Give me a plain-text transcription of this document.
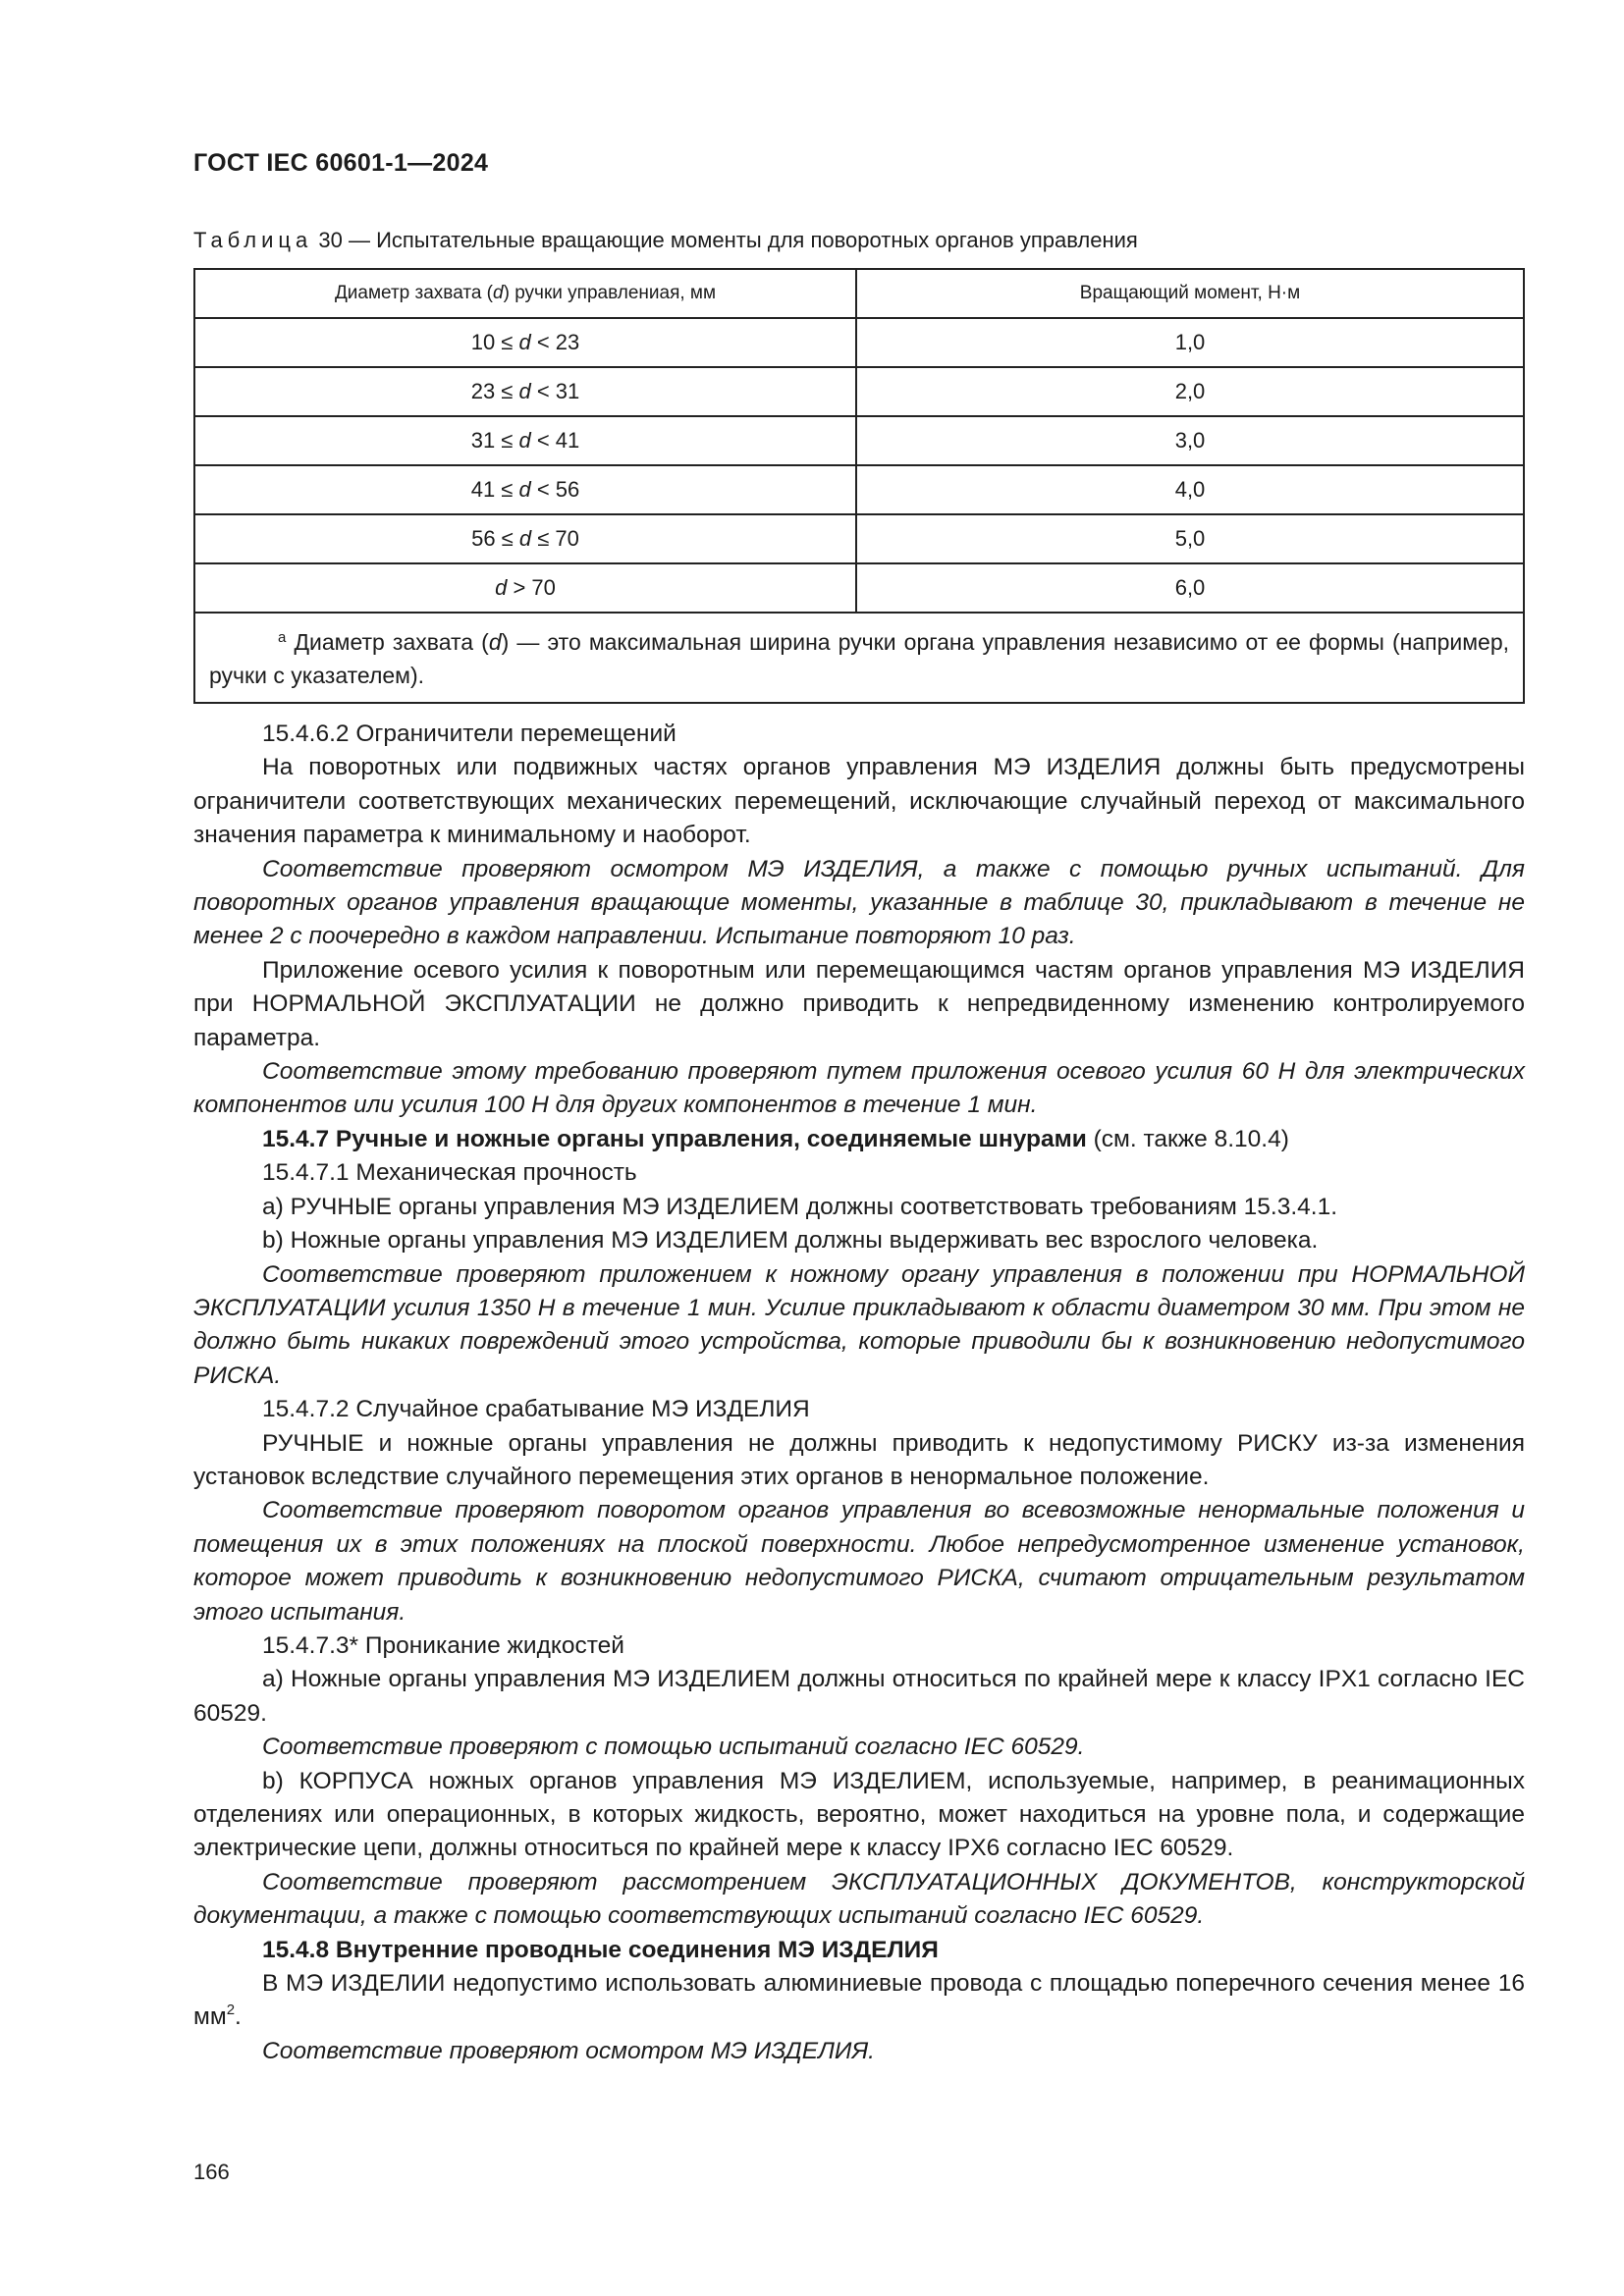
ГОСТ IEC 60601-1—2024
Таблица 30 — Испытательные вращающие моменты для поворотных органов управления
Диаметр захвата (d) ручки управлениая, мм	Вращающий момент, Н·м
10 ≤ d < 23	1,0
23 ≤ d < 31	2,0
31 ≤ d < 41	3,0
41 ≤ d < 56	4,0
56 ≤ d ≤ 70	5,0
d > 70	6,0
$^a$ Диаметр захвата (d) — это максимальная ширина ручки органа управления независимо от ее формы (например, ручки с указателем).	

15.4.6.2 Ограничители перемещений

На поворотных или подвижных частях органов управления МЭ ИЗДЕЛИЯ должны быть предусмотрены ограничители соответствующих механических перемещений, исключающие случайный переход от максимального значения параметра к минимальному и наоборот.

Соответствие проверяют осмотром МЭ ИЗДЕЛИЯ, а также с помощью ручных испытаний. Для поворотных органов управления вращающие моменты, указанные в таблице 30, прикладывают в течение не менее 2 с поочередно в каждом направлении. Испытание повторяют 10 раз.

Приложение осевого усилия к поворотным или перемещающимся частям органов управления МЭ ИЗДЕЛИЯ при НОРМАЛЬНОЙ ЭКСПЛУАТАЦИИ не должно приводить к непредвиденному изменению контролируемого параметра.

Соответствие этому требованию проверяют путем приложения осевого усилия 60 Н для электрических компонентов или усилия 100 Н для других компонентов в течение 1 мин.

15.4.7 Ручные и ножные органы управления, соединяемые шнурами (см. также 8.10.4)

15.4.7.1 Механическая прочность

a) РУЧНЫЕ органы управления МЭ ИЗДЕЛИЕМ должны соответствовать требованиям 15.3.4.1.

b) Ножные органы управления МЭ ИЗДЕЛИЕМ должны выдерживать вес взрослого человека.

Соответствие проверяют приложением к ножному органу управления в положении при НОРМАЛЬНОЙ ЭКСПЛУАТАЦИИ усилия 1350 Н в течение 1 мин. Усилие прикладывают к области диаметром 30 мм. При этом не должно быть никаких повреждений этого устройства, которые приводили бы к возникновению недопустимого РИСКА.

15.4.7.2 Случайное срабатывание МЭ ИЗДЕЛИЯ

РУЧНЫЕ и ножные органы управления не должны приводить к недопустимому РИСКУ из-за изменения установок вследствие случайного перемещения этих органов в ненормальное положение.

Соответствие проверяют поворотом органов управления во всевозможные ненормальные положения и помещения их в этих положениях на плоской поверхности. Любое непредусмотренное изменение установок, которое может приводить к возникновению недопустимого РИСКА, считают отрицательным результатом этого испытания.

15.4.7.3* Проникание жидкостей

a) Ножные органы управления МЭ ИЗДЕЛИЕМ должны относиться по крайней мере к классу IPX1 согласно IEC 60529.

Соответствие проверяют с помощью испытаний согласно IEC 60529.

b) КОРПУСА ножных органов управления МЭ ИЗДЕЛИЕМ, используемые, например, в реанимационных отделениях или операционных, в которых жидкость, вероятно, может находиться на уровне пола, и содержащие электрические цепи, должны относиться по крайней мере к классу IPX6 согласно IEC 60529.

Соответствие проверяют рассмотрением ЭКСПЛУАТАЦИОННЫХ ДОКУМЕНТОВ, конструкторской документации, а также с помощью соответствующих испытаний согласно IEC 60529.

15.4.8 Внутренние проводные соединения МЭ ИЗДЕЛИЯ

В МЭ ИЗДЕЛИИ недопустимо использовать алюминиевые провода с площадью поперечного сечения менее 16 $мм^2$.

Соответствие проверяют осмотром МЭ ИЗДЕЛИЯ.

166
